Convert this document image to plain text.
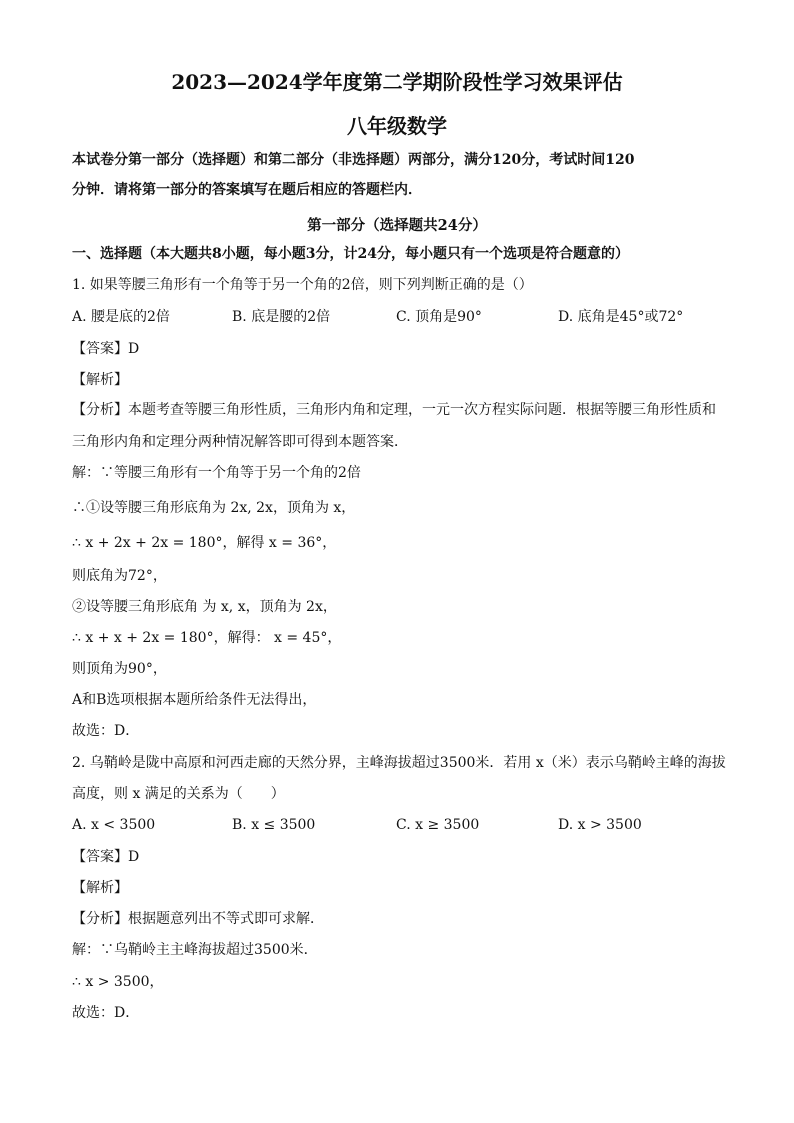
2023—2024学年度第二学期阶段性学习效果评估
八年级数学
本试卷分第一部分（选择题）和第二部分（非选择题）两部分，满分120分，考试时间120
分钟．请将第一部分的答案填写在题后相应的答题栏内．
第一部分（选择题共24分）
一、选择题（本大题共8小题，每小题3分，计24分，每小题只有一个选项是符合题意的）
1. 如果等腰三角形有一个角等于另一个角的2倍，则下列判断正确的是（）
A. 腰是底的2倍	B. 底是腰的2倍	C. 顶角是90°	D. 底角是45°或72°
【答案】D
【解析】
【分析】本题考查等腰三角形性质，三角形内角和定理，一元一次方程实际问题．根据等腰三角形性质和
三角形内角和定理分两种情况解答即可得到本题答案．
解：∵等腰三角形有一个角等于另一个角的2倍
∴①设等腰三角形底角为 2x, 2x，顶角为 x，
∴ x + 2x + 2x = 180°，解得 x = 36°，
则底角为72°，
②设等腰三角形底角 为 x, x，顶角为 2x，
∴ x + x + 2x = 180°，解得： x = 45°，
则顶角为90°，
A和B选项根据本题所给条件无法得出，
故选：D．
2. 乌鞘岭是陇中高原和河西走廊的天然分界，主峰海拔超过3500米．若用 x（米）表示乌鞘岭主峰的海拔
高度，则 x 满足的关系为（　　）
A. x < 3500	B. x ≤ 3500	C. x ≥ 3500	D. x > 3500
【答案】D
【解析】
【分析】根据题意列出不等式即可求解．
解：∵乌鞘岭主主峰海拔超过3500米．
∴ x > 3500，
故选：D．
